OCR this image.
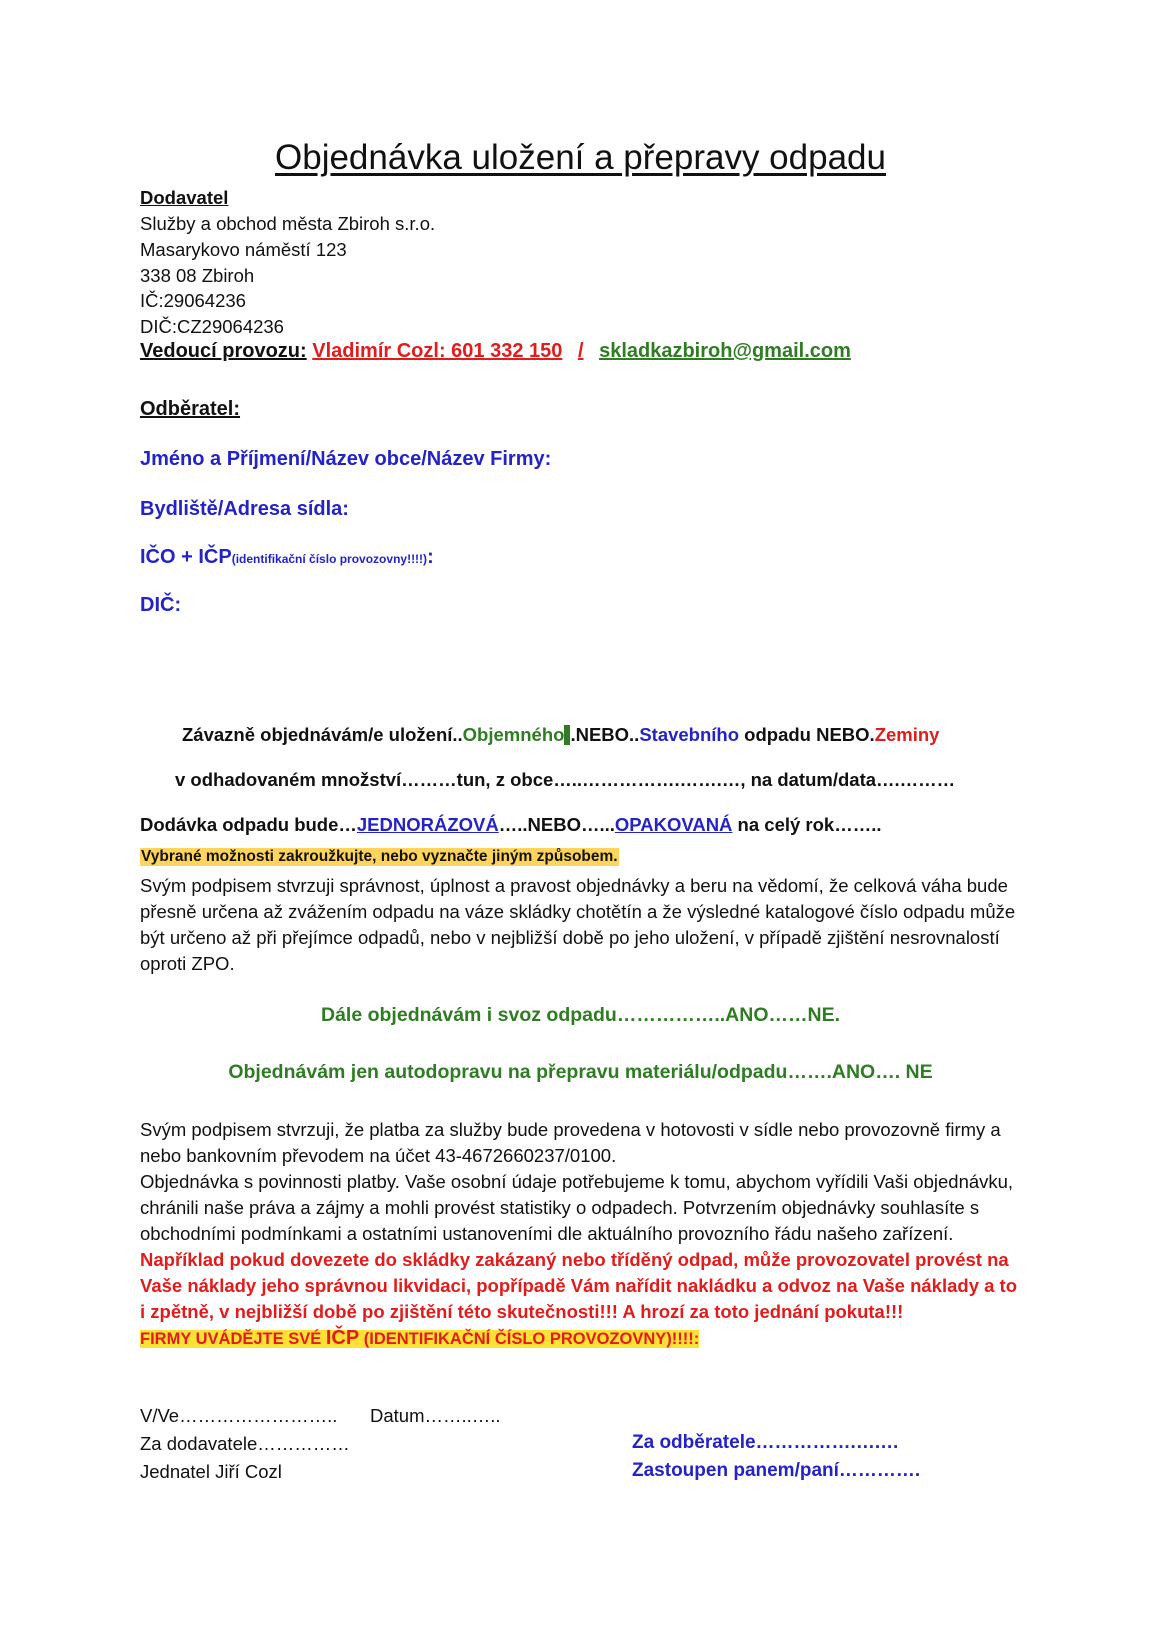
Objednávka uložení a přepravy odpadu
Dodavatel
Služby a obchod města Zbiroh s.r.o.
Masarykovo náměstí 123
338 08 Zbiroh
IČ:29064236
DIČ:CZ29064236
Vedoucí provozu: Vladimír Cozl: 601 332 150 / skladkazbiroh@gmail.com
Odběratel:
Jméno a Příjmení/Název obce/Název Firmy:
Bydliště/Adresa sídla:
IČO + IČP(identifikační číslo provozovny!!!!):
DIČ:
Závazně objednávám/e uložení..Objemného .NEBO..Stavebního odpadu NEBO.Zeminy
v odhadovaném množství………tun, z obce…..…………….…….…, na datum/data….………
Dodávka odpadu bude…JEDNORÁZOVÁ…..NEBO…...OPAKOVANÁ na celý rok……..
Vybrané možnosti zakroužkujte, nebo vyznačte jiným způsobem.
Svým podpisem stvrzuji správnost, úplnost a pravost objednávky a beru na vědomí, že celková váha bude přesně určena až zvážením odpadu na váze skládky chotětín a že výsledné katalogové číslo odpadu může být určeno až při přejímce odpadů, nebo v nejbližší době po jeho uložení, v případě zjištění nesrovnalostí oproti ZPO.
Dále objednávám i svoz odpadu……………..ANO……NE.
Objednávám jen autodopravu na přepravu materiálu/odpadu…….ANO…. NE
Svým podpisem stvrzuji, že platba za služby bude provedena v hotovosti v sídle nebo provozovně firmy a nebo bankovním převodem na účet 43-4672660237/0100.
Objednávka s povinnosti platby. Vaše osobní údaje potřebujeme k tomu, abychom vyřídili Vaši objednávku, chránili naše práva a zájmy a mohli provést statistiky o odpadech. Potvrzením objednávky souhlasíte s obchodními podmínkami a ostatními ustanoveními dle aktuálního provozního řádu našeho zařízení. Například pokud dovezete do skládky zakázaný nebo tříděný odpad, může provozovatel provést na Vaše náklady jeho správnou likvidaci, popřípadě Vám nařídit nakládku a odvoz na Vaše náklady a to i zpětně, v nejbližší době po zjištění této skutečnosti!!! A hrozí za toto jednání pokuta!!!
FIRMY UVÁDĚJTE SVÉ IČP (IDENTIFIKAČNÍ ČÍSLO PROVOZOVNY)!!!!:
V/Ve…………………….. Datum……..…..
Za dodavatele……………
Jednatel Jiří Cozl
Za odběratele…………….….…
Zastoupen panem/paní………….
